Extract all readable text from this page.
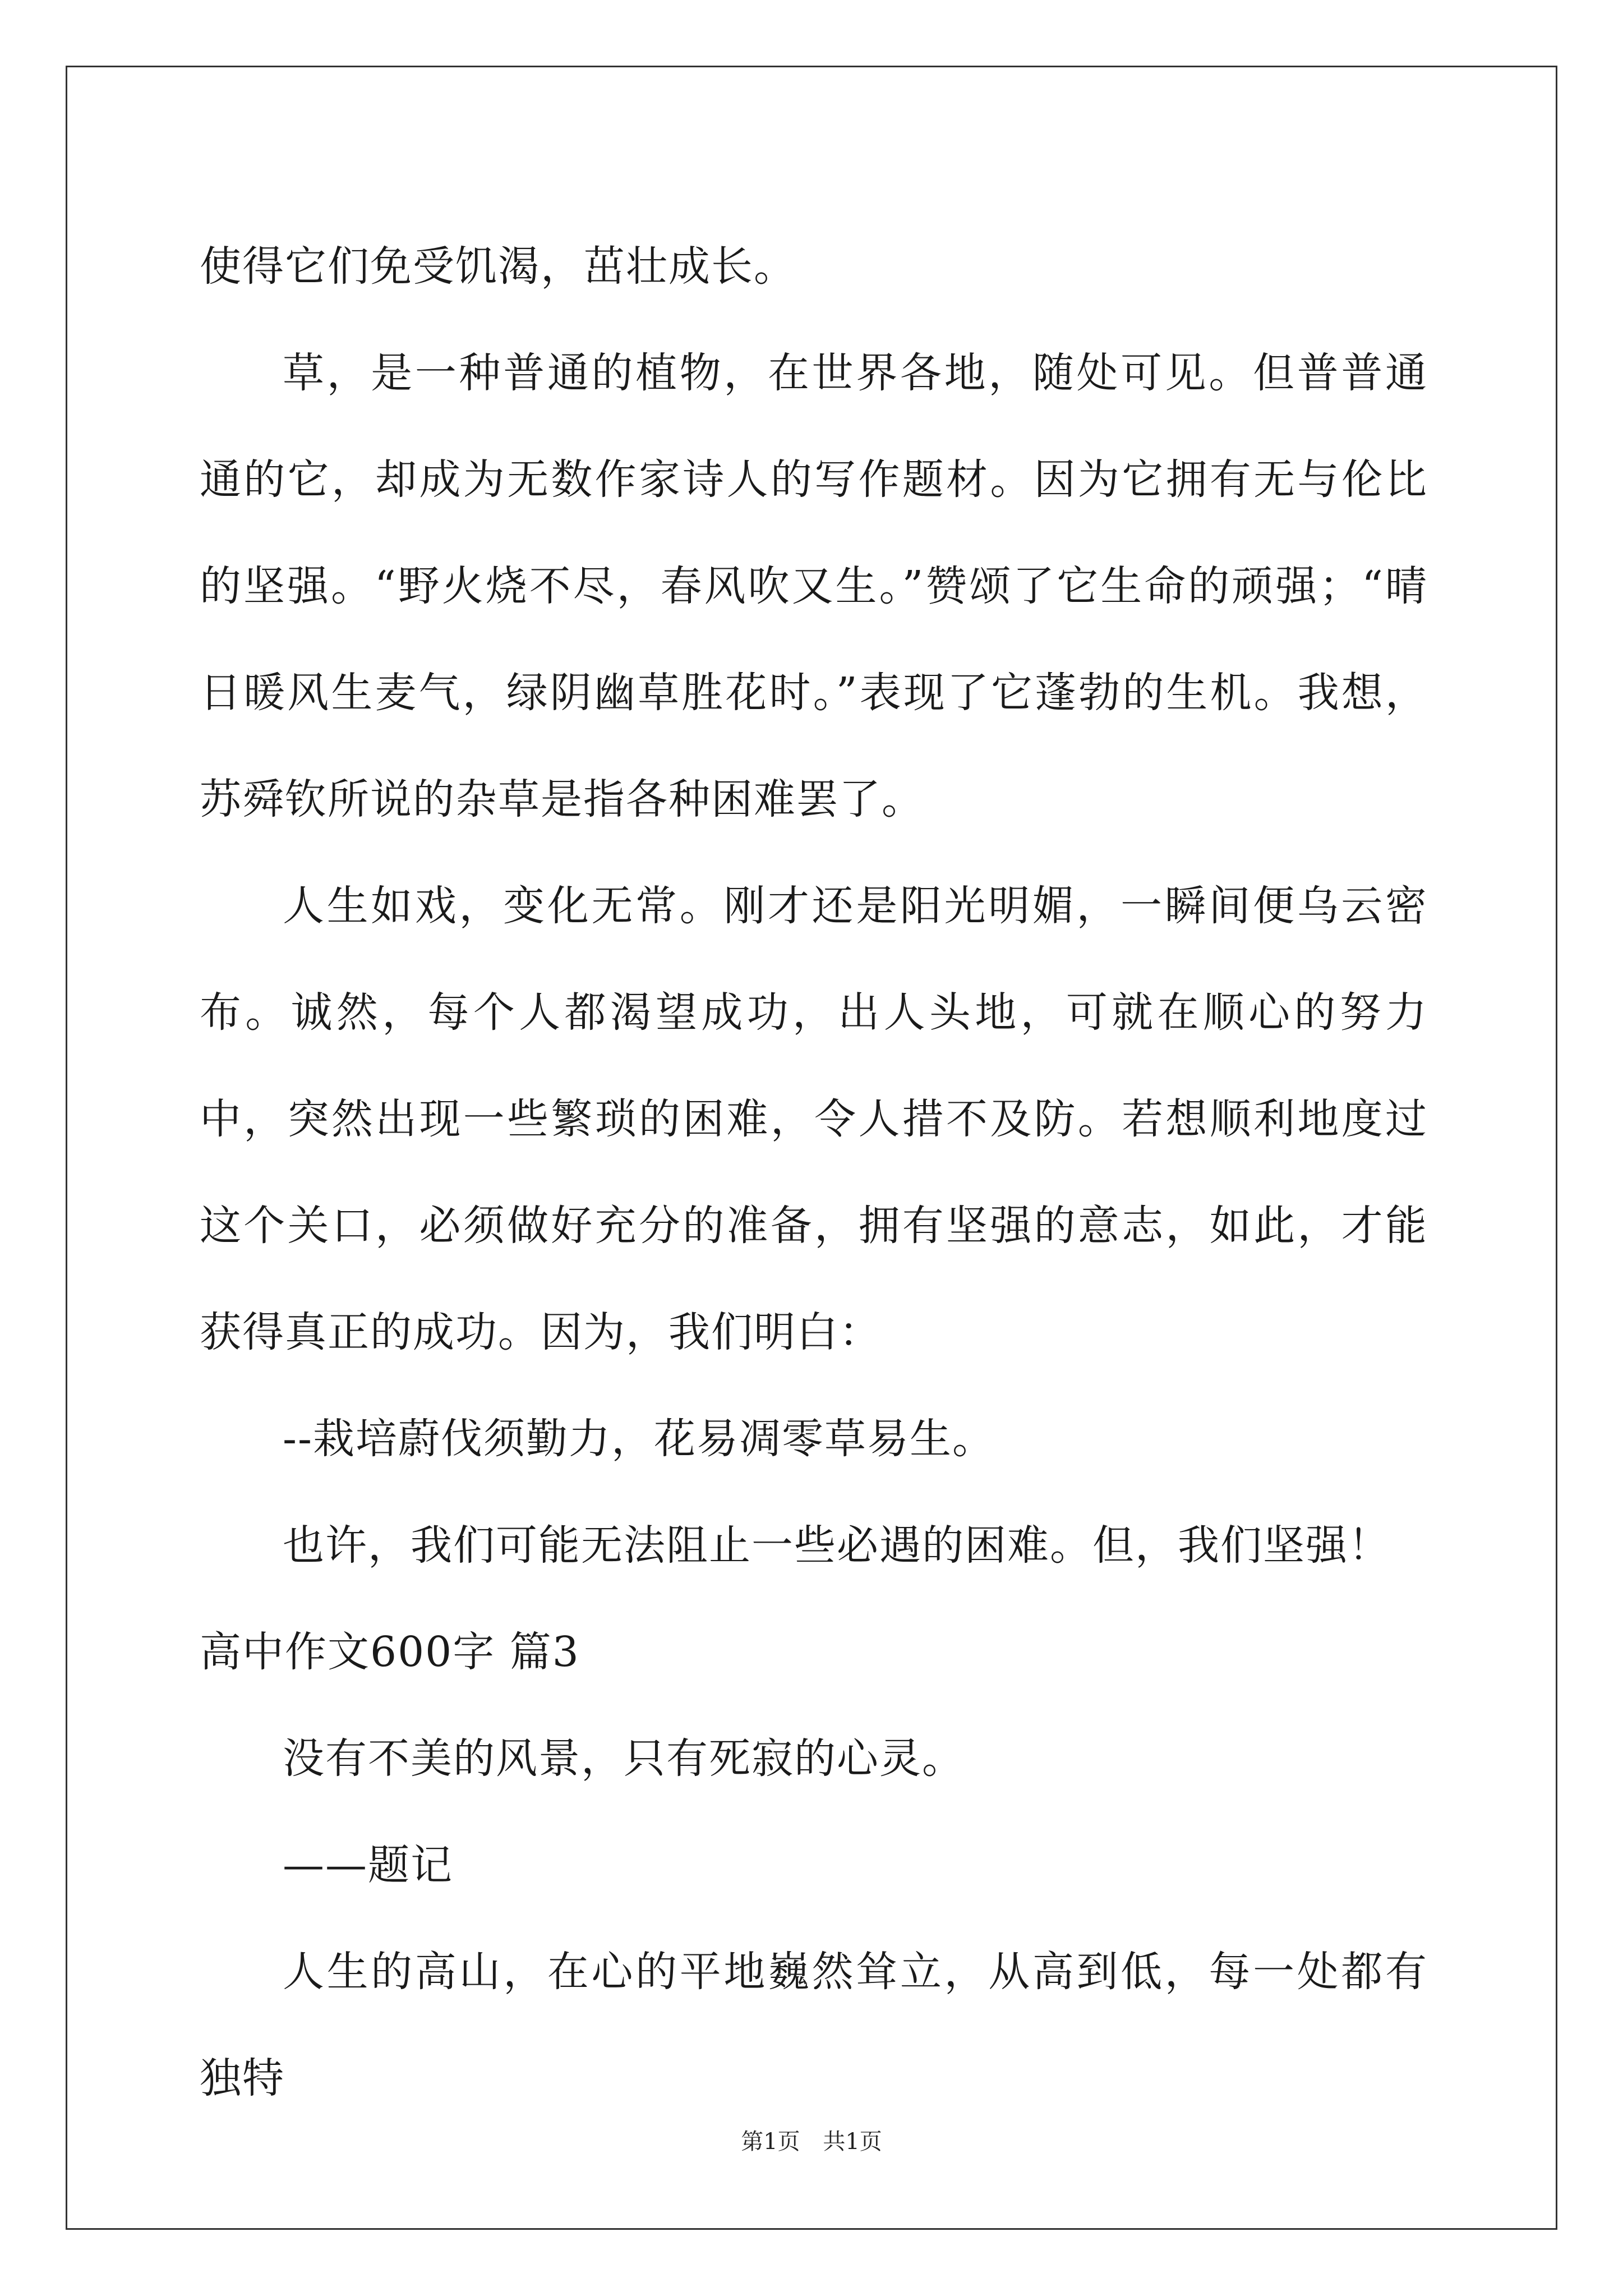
使得它们免受饥渴，茁壮成长。

草，是一种普通的植物，在世界各地，随处可见。但普普通通的它，却成为无数作家诗人的写作题材。因为它拥有无与伦比的坚强。“野火烧不尽，春风吹又生。”赞颂了它生命的顽强；“晴日暖风生麦气，绿阴幽草胜花时。”表现了它蓬勃的生机。我想，苏舜钦所说的杂草是指各种困难罢了。

人生如戏，变化无常。刚才还是阳光明媚，一瞬间便乌云密布。诚然，每个人都渴望成功，出人头地，可就在顺心的努力中，突然出现一些繁琐的困难，令人措不及防。若想顺利地度过这个关口，必须做好充分的准备，拥有坚强的意志，如此，才能获得真正的成功。因为，我们明白：

--栽培蔚伐须勤力，花易凋零草易生。

也许，我们可能无法阻止一些必遇的困难。但，我们坚强！

高中作文600字 篇3

没有不美的风景，只有死寂的心灵。

——题记

人生的高山，在心的平地巍然耸立，从高到低，每一处都有独特

第1页 共1页
